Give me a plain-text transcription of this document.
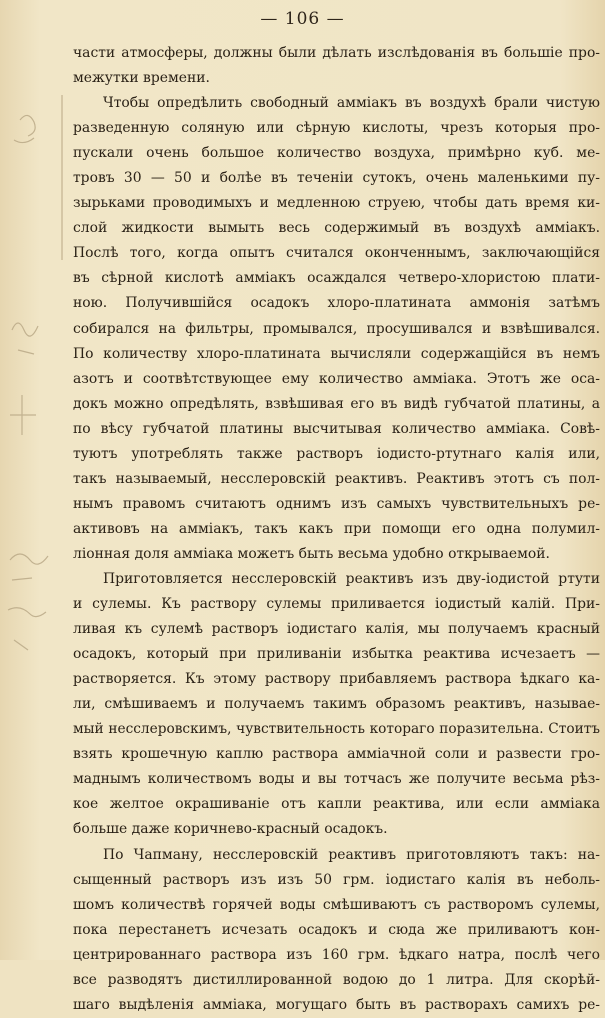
— 106 —
части атмосферы, должны были дѣлать изслѣдованія въ большіе про-
межутки времени.
Чтобы опредѣлить свободный амміакъ въ воздухѣ брали чистую
разведенную соляную или сѣрную кислоты, чрезъ которыя про-
пускали очень большое количество воздуха, примѣрно куб. ме-
тровъ 30 — 50 и болѣе въ теченіи сутокъ, очень маленькими пу-
зырьками проводимыхъ и медленною струею, чтобы дать время ки-
слой жидкости вымыть весь содержимый въ воздухѣ амміакъ.
Послѣ того, когда опытъ считался оконченнымъ, заключающійся
въ сѣрной кислотѣ амміакъ осаждался четверо-хлористою плати-
ною. Получившійся осадокъ хлоро-платината аммонія затѣмъ
собирался на фильтры, промывался, просушивался и взвѣшивался.
По количеству хлоро-платината вычисляли содержащійся въ немъ
азотъ и соотвѣтствующее ему количество амміака. Этотъ же оса-
докъ можно опредѣлять, взвѣшивая его въ видѣ губчатой платины, а
по вѣсу губчатой платины высчитывая количество амміака. Совѣ-
туютъ употреблять также растворъ іодисто-ртутнаго калія или,
такъ называемый, несслеровскій реактивъ. Реактивъ этотъ съ пол-
нымъ правомъ считаютъ однимъ изъ самыхъ чувствительныхъ ре-
активовъ на амміакъ, такъ какъ при помощи его одна полумил-
ліонная доля амміака можетъ быть весьма удобно открываемой.
Приготовляется несслеровскій реактивъ изъ дву-іодистой ртути
и сулемы. Къ раствору сулемы приливается іодистый калій. При-
ливая къ сулемѣ растворъ іодистаго калія, мы получаемъ красный
осадокъ, который при приливаніи избытка реактива исчезаетъ —
растворяется. Къ этому раствору прибавляемъ раствора ѣдкаго ка-
ли, смѣшиваемъ и получаемъ такимъ образомъ реактивъ, называе-
мый несслеровскимъ, чувствительность котораго поразительна. Стоитъ
взять крошечную каплю раствора амміачной соли и развести гро-
маднымъ количествомъ воды и вы тотчасъ же получите весьма рѣз-
кое желтое окрашиваніе отъ капли реактива, или если амміака
больше даже коричнево-красный осадокъ.
По Чапману, несслеровскій реактивъ приготовляютъ такъ: на-
сыщенный растворъ изъ изъ 50 грм. іодистаго калія въ неболь-
шомъ количествѣ горячей воды смѣшиваютъ съ растворомъ сулемы,
пока перестанетъ исчезать осадокъ и сюда же приливаютъ кон-
центрированнаго раствора изъ 160 грм. ѣдкаго натра, послѣ чего
все разводятъ дистиллированной водою до 1 литра. Для скорѣй-
шаго выдѣленія амміака, могущаго быть въ растворахъ самихъ ре-
